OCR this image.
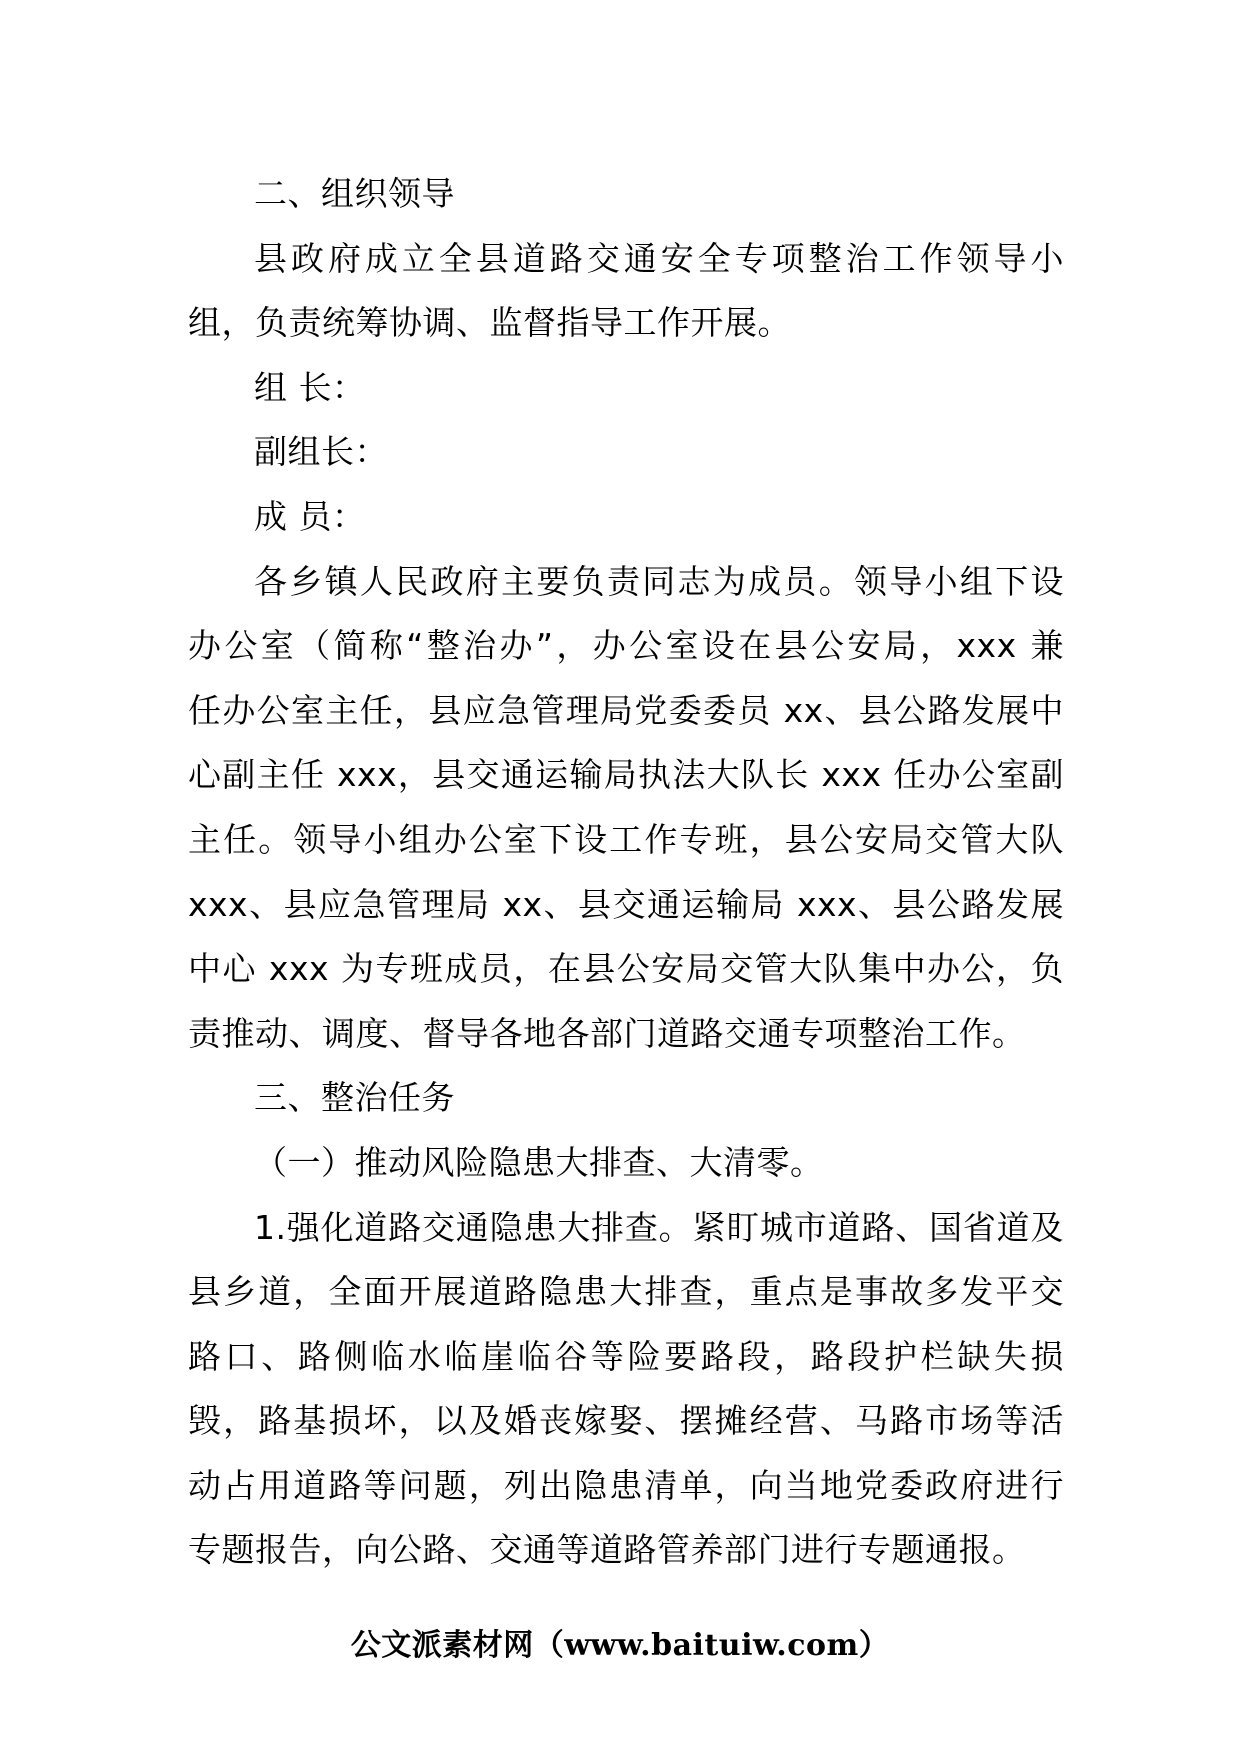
二、组织领导
县政府成立全县道路交通安全专项整治工作领导小
组，负责统筹协调、监督指导工作开展。
组 长：
副组长：
成 员：
各乡镇人民政府主要负责同志为成员。领导小组下设
办公室（简称“整治办”，办公室设在县公安局，xxx 兼
任办公室主任，县应急管理局党委委员 xx、县公路发展中
心副主任 xxx，县交通运输局执法大队长 xxx 任办公室副
主任。领导小组办公室下设工作专班，县公安局交管大队
xxx、县应急管理局 xx、县交通运输局 xxx、县公路发展
中心 xxx 为专班成员，在县公安局交管大队集中办公，负
责推动、调度、督导各地各部门道路交通专项整治工作。
三、整治任务
（一）推动风险隐患大排查、大清零。
1.强化道路交通隐患大排查。紧盯城市道路、国省道及
县乡道，全面开展道路隐患大排查，重点是事故多发平交
路口、路侧临水临崖临谷等险要路段，路段护栏缺失损
毁，路基损坏，以及婚丧嫁娶、摆摊经营、马路市场等活
动占用道路等问题，列出隐患清单，向当地党委政府进行
专题报告，向公路、交通等道路管养部门进行专题通报。
公文派素材网（www.baituiw.com）
